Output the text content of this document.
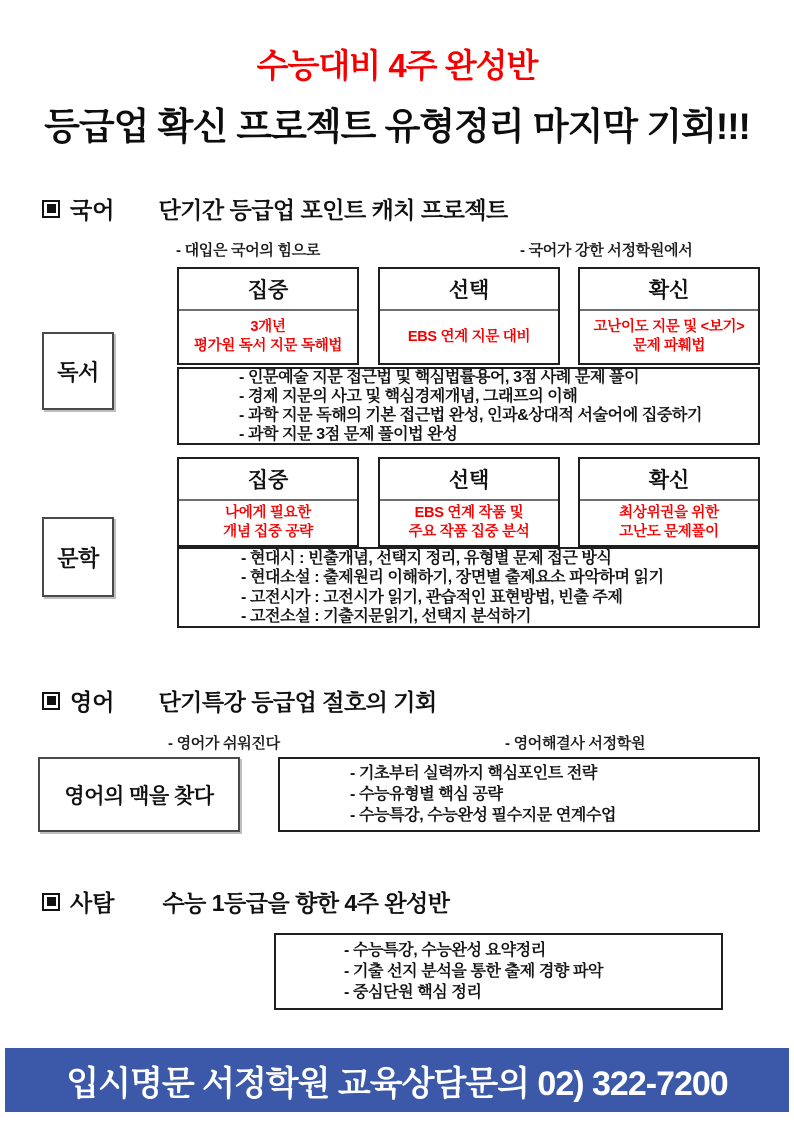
수능대비 4주 완성반
등급업 확신 프로젝트 유형정리 마지막 기회!!!
국어 단기간 등급업 포인트 캐치 프로젝트
- 대입은 국어의 힘으로	- 국어가 강한 서정학원에서
독서
집중
3개년
평가원 독서 지문 독해법
선택
EBS 연계 지문 대비
확신
고난이도 지문 및 <보기>
문제 파훼법
- 인문예술 지문 접근법 및 핵심법률용어, 3점 사례 문제 풀이
- 경제 지문의 사고 및 핵심경제개념, 그래프의 이해
- 과학 지문 독해의 기본 접근법 완성, 인과&상대적 서술어에 집중하기
- 과학 지문 3점 문제 풀이법 완성
문학
집중
나에게 필요한
개념 집중 공략
선택
EBS 연계 작품 및
주요 작품 집중 분석
확신
최상위권을 위한
고난도 문제풀이
- 현대시 : 빈출개념, 선택지 정리, 유형별 문제 접근 방식
- 현대소설 : 출제원리 이해하기, 장면별 출제요소 파악하며 읽기
- 고전시가 : 고전시가 읽기, 관습적인 표현방법, 빈출 주제
- 고전소설 : 기출지문읽기, 선택지 분석하기
영어 단기특강 등급업 절호의 기회
- 영어가 쉬워진다	- 영어해결사 서정학원
영어의 맥을 찾다
- 기초부터 실력까지 핵심포인트 전략
- 수능유형별 핵심 공략
- 수능특강, 수능완성 필수지문 연계수업
사탐 수능 1등급을 향한 4주 완성반
- 수능특강, 수능완성 요약정리
- 기출 선지 분석을 통한 출제 경향 파악
- 중심단원 핵심 정리
입시명문 서정학원 교육상담문의 02) 322-7200
